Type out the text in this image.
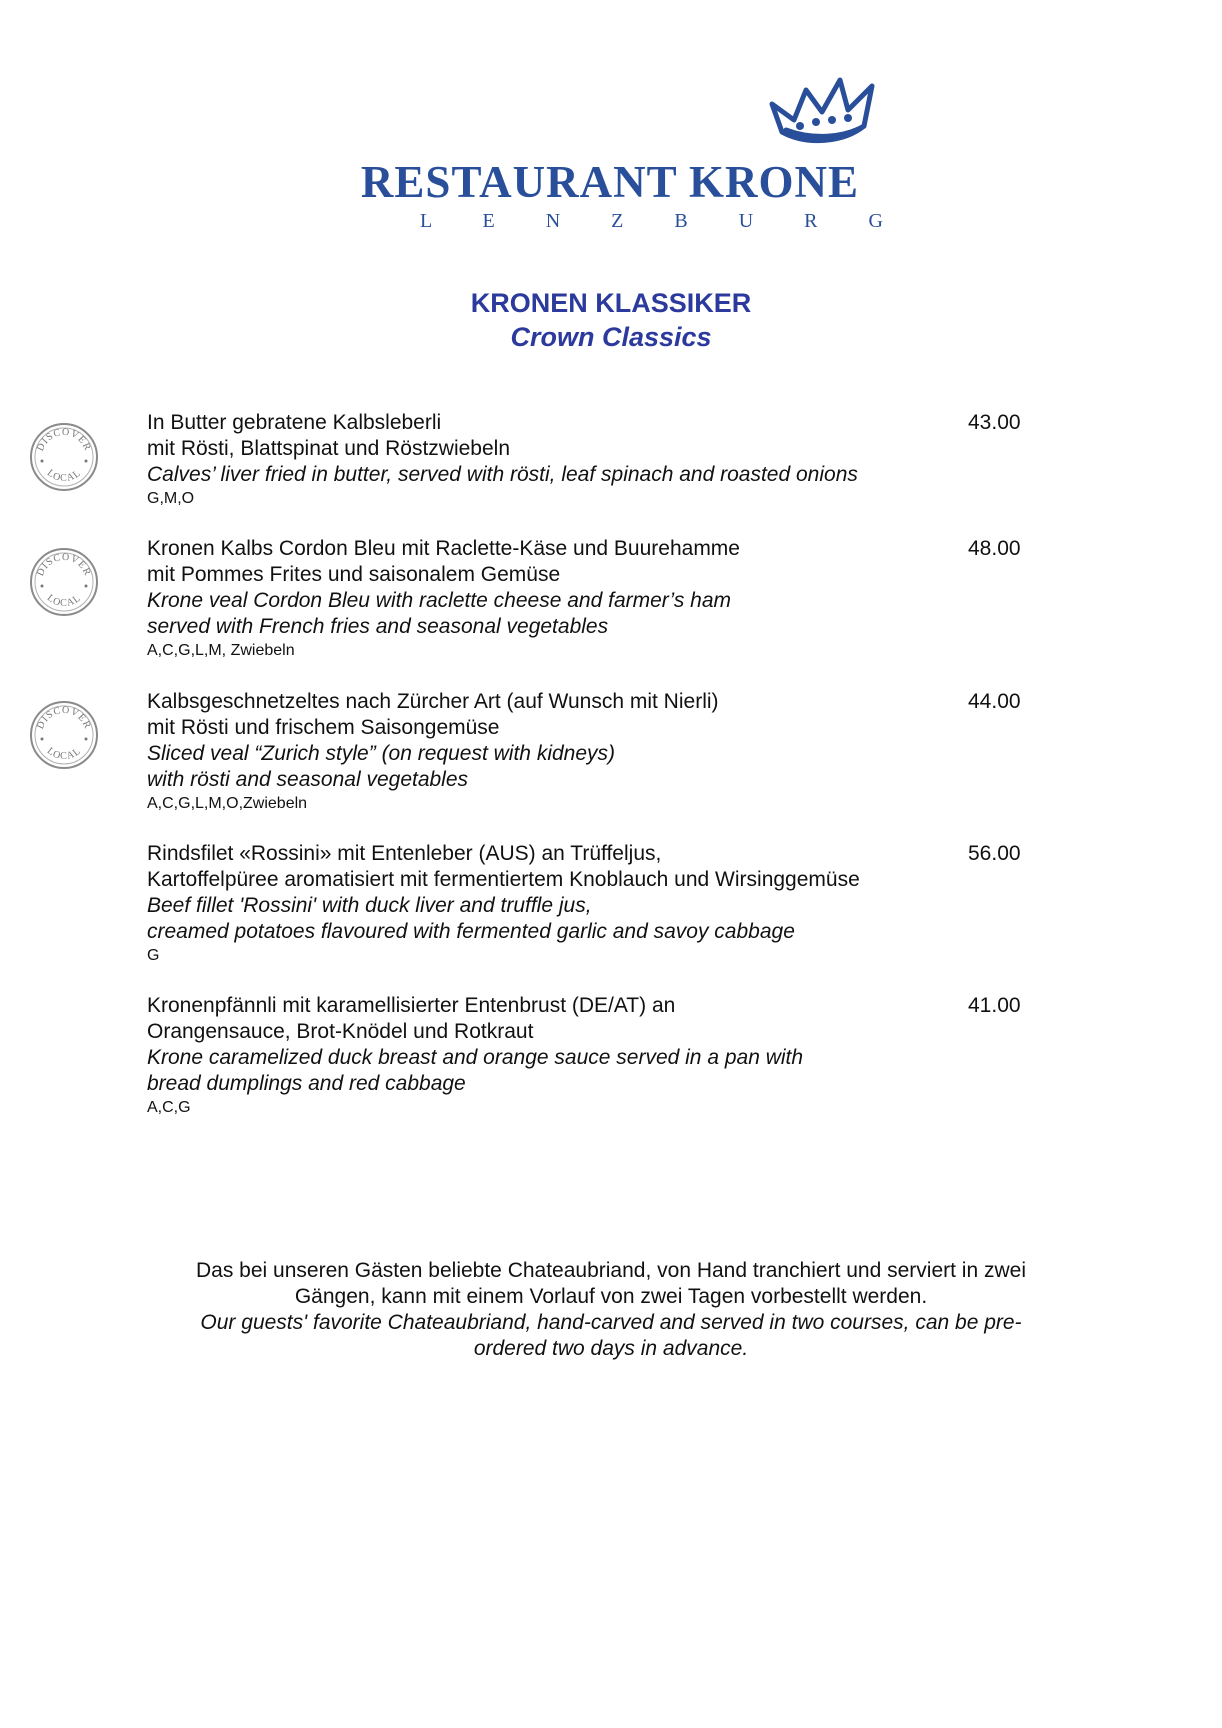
RESTAURANT KRONE
L E N Z B U R G
KRONEN KLASSIKER
Crown Classics
DISCOVER
LOCAL
DISCOVER
LOCAL
DISCOVER
LOCAL
In Butter gebratene Kalbsleberli
mit Rösti, Blattspinat und Röstzwiebeln
Calves’ liver fried in butter, served with rösti, leaf spinach and roasted onions
G,M,O
43.00
Kronen Kalbs Cordon Bleu mit Raclette-Käse und Buurehamme
mit Pommes Frites und saisonalem Gemüse
Krone veal Cordon Bleu with raclette cheese and farmer’s ham
served with French fries and seasonal vegetables
A,C,G,L,M, Zwiebeln
48.00
Kalbsgeschnetzeltes nach Zürcher Art (auf Wunsch mit Nierli)
mit Rösti und frischem Saisongemüse
Sliced veal “Zurich style” (on request with kidneys)
with rösti and seasonal vegetables
A,C,G,L,M,O,Zwiebeln
44.00
Rindsfilet «Rossini» mit Entenleber (AUS) an Trüffeljus,
Kartoffelpüree aromatisiert mit fermentiertem Knoblauch und Wirsinggemüse
Beef fillet 'Rossini' with duck liver and truffle jus,
creamed potatoes flavoured with fermented garlic and savoy cabbage
G
56.00
Kronenpfännli mit karamellisierter Entenbrust (DE/AT) an
Orangensauce, Brot-Knödel und Rotkraut
Krone caramelized duck breast and orange sauce served in a pan with
bread dumplings and red cabbage
A,C,G
41.00
Das bei unseren Gästen beliebte Chateaubriand, von Hand tranchiert und serviert in zwei
Gängen, kann mit einem Vorlauf von zwei Tagen vorbestellt werden.
Our guests' favorite Chateaubriand, hand-carved and served in two courses, can be pre-
ordered two days in advance.
